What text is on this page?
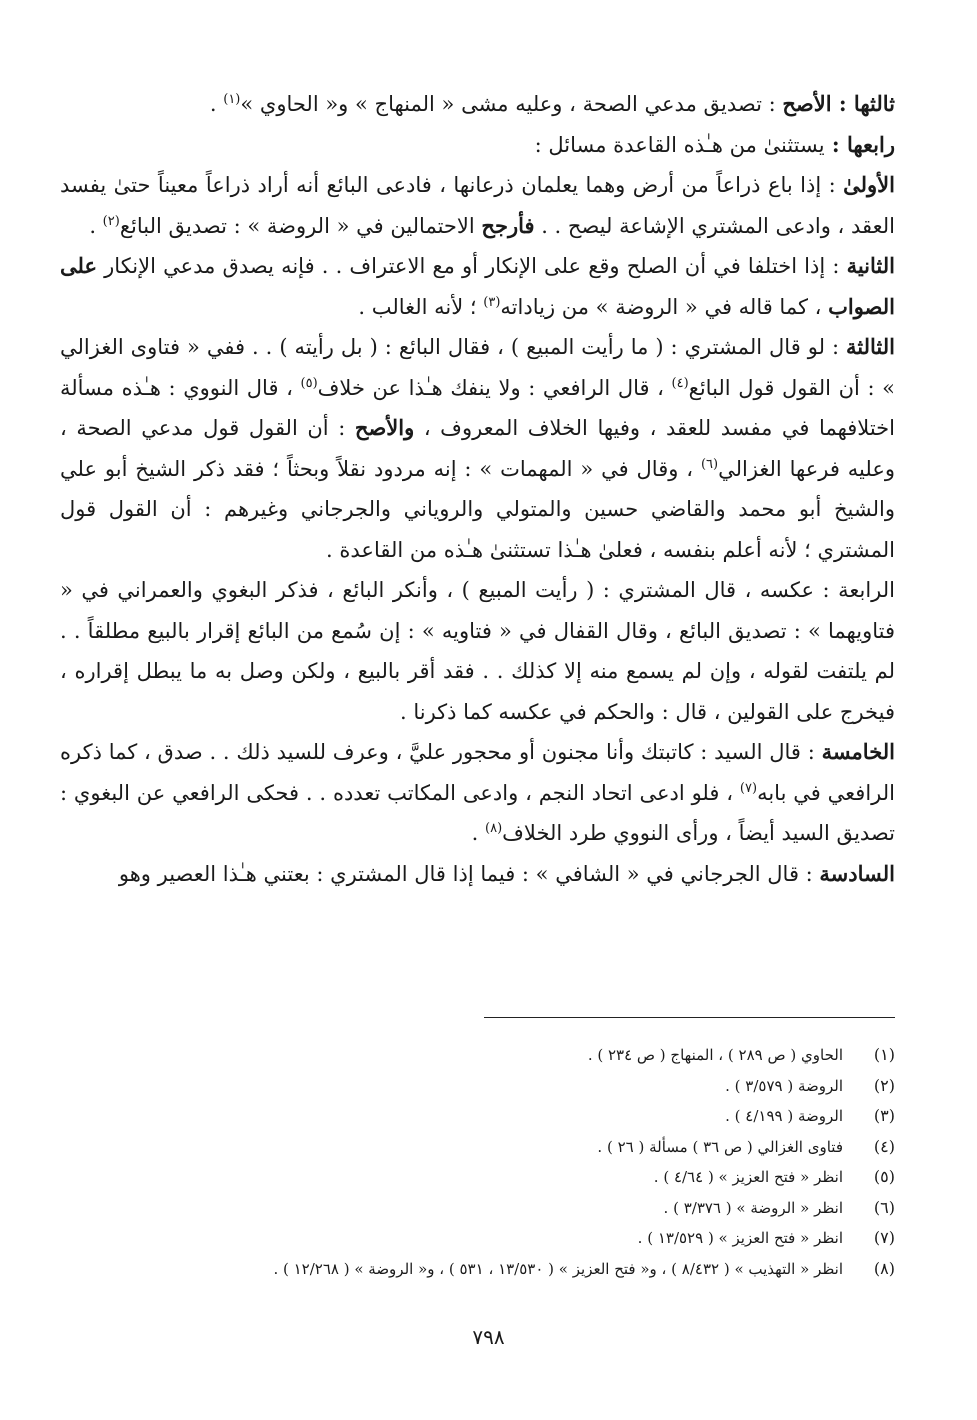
ثالثها : الأصح : تصديق مدعي الصحة ، وعليه مشى « المنهاج » و« الحاوي »$^{(١)}$ .

رابعها : يستثنىٰ من هـٰذه القاعدة مسائل :

الأولىٰ : إذا باع ذراعاً من أرض وهما يعلمان ذرعانها ، فادعى البائع أنه أراد ذراعاً معيناً حتىٰ يفسد العقد ، وادعى المشتري الإشاعة ليصح . . فأرجح الاحتمالين في « الروضة » : تصديق البائع$^{(٢)}$ .

الثانية : إذا اختلفا في أن الصلح وقع على الإنكار أو مع الاعتراف . . فإنه يصدق مدعي الإنكار على الصواب ، كما قاله في « الروضة » من زياداته$^{(٣)}$ ؛ لأنه الغالب .

الثالثة : لو قال المشتري : ( ما رأيت المبيع ) ، فقال البائع : ( بل رأيته ) . . ففي « فتاوى الغزالي » : أن القول قول البائع$^{(٤)}$ ، قال الرافعي : ولا ينفك هـٰذا عن خلاف$^{(٥)}$ ، قال النووي : هـٰذه مسألة اختلافهما في مفسد للعقد ، وفيها الخلاف المعروف ، والأصح : أن القول قول مدعي الصحة ، وعليه فرعها الغزالي$^{(٦)}$ ، وقال في « المهمات » : إنه مردود نقلاً وبحثاً ؛ فقد ذكر الشيخ أبو علي والشيخ أبو محمد والقاضي حسين والمتولي والروياني والجرجاني وغيرهم : أن القول قول المشتري ؛ لأنه أعلم بنفسه ، فعلىٰ هـٰذا تستثنىٰ هـٰذه من القاعدة .

الرابعة : عكسه ، قال المشتري : ( رأيت المبيع ) ، وأنكر البائع ، فذكر البغوي والعمراني في « فتاويهما » : تصديق البائع ، وقال القفال في « فتاويه » : إن سُمع من البائع إقرار بالبيع مطلقاً . . لم يلتفت لقوله ، وإن لم يسمع منه إلا كذلك . . فقد أقر بالبيع ، ولكن وصل به ما يبطل إقراره ، فيخرج على القولين ، قال : والحكم في عكسه كما ذكرنا .

الخامسة : قال السيد : كاتبتك وأنا مجنون أو محجور عليَّ ، وعرف للسيد ذلك . . صدق ، كما ذكره الرافعي في بابه$^{(٧)}$ ، فلو ادعى اتحاد النجم ، وادعى المكاتب تعدده . . فحكى الرافعي عن البغوي : تصديق السيد أيضاً ، ورأى النووي طرد الخلاف$^{(٨)}$ .

السادسة : قال الجرجاني في « الشافي » : فيما إذا قال المشتري : بعتني هـٰذا العصير وهو

(١)
الحاوي ( ص ٢٨٩ ) ، المنهاج ( ص ٢٣٤ ) .
(٢)
الروضة ( ٣/٥٧٩ ) .
(٣)
الروضة ( ٤/١٩٩ ) .
(٤)
فتاوى الغزالي ( ص ٣٦ ) مسألة ( ٢٦ ) .
(٥)
انظر « فتح العزيز » ( ٤/٦٤ ) .
(٦)
انظر « الروضة » ( ٣/٣٧٦ ) .
(٧)
انظر « فتح العزيز » ( ١٣/٥٢٩ ) .
(٨)
انظر « التهذيب » ( ٨/٤٣٢ ) ، و« فتح العزيز » ( ١٣/٥٣٠ ، ٥٣١ ) ، و« الروضة » ( ١٢/٢٦٨ ) .
٧٩٨
